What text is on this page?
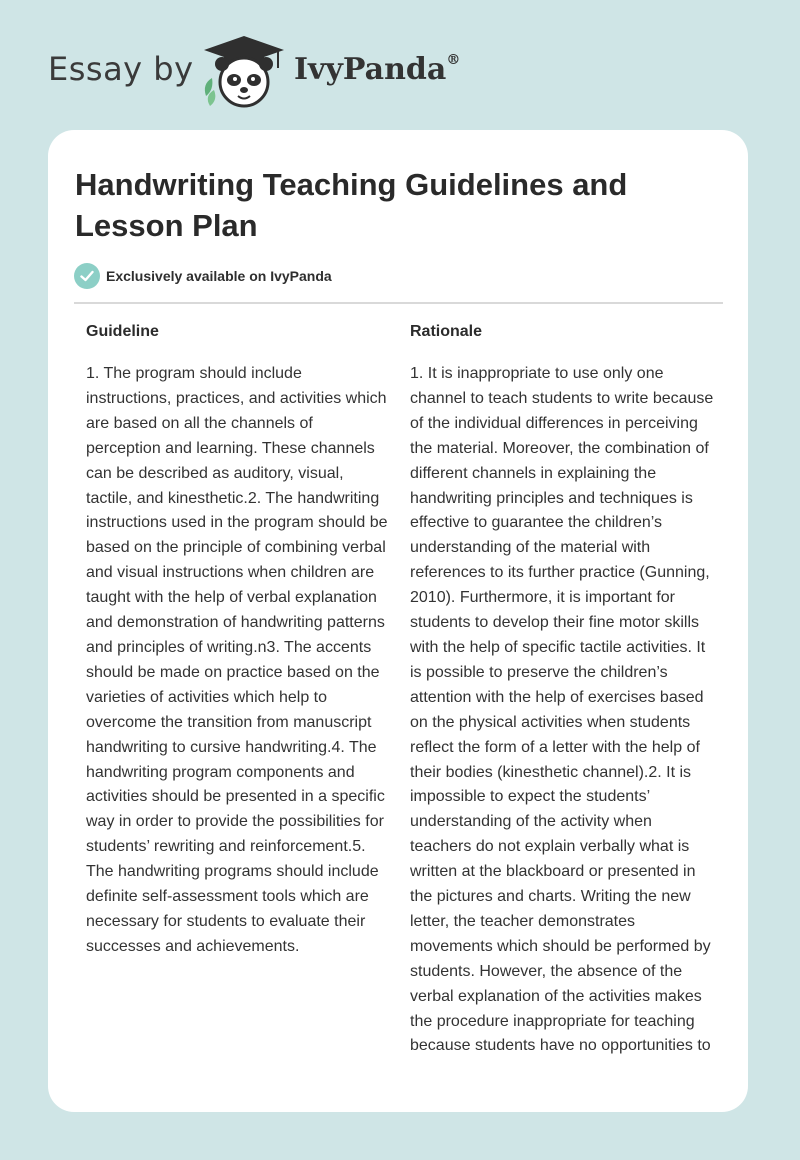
Essay by	IvyPanda®
Handwriting Teaching Guidelines and Lesson Plan
Exclusively available on IvyPanda
Guideline
1. The program should include instructions, practices, and activities which are based on all the channels of perception and learning. These channels can be described as auditory, visual, tactile, and kinesthetic.2. The handwriting instructions used in the program should be based on the principle of combining verbal and visual instructions when children are taught with the help of verbal explanation and demonstration of handwriting patterns and principles of writing.n3. The accents should be made on practice based on the varieties of activities which help to overcome the transition from manuscript handwriting to cursive handwriting.4. The handwriting program components and activities should be presented in a specific way in order to provide the possibilities for students’ rewriting and reinforcement.5. The handwriting programs should include definite self-assessment tools which are necessary for students to evaluate their successes and achievements.
Rationale
1. It is inappropriate to use only one channel to teach students to write because of the individual differences in perceiving the material. Moreover, the combination of different channels in explaining the handwriting principles and techniques is effective to guarantee the children’s understanding of the material with references to its further practice (Gunning, 2010). Furthermore, it is important for students to develop their fine motor skills with the help of specific tactile activities. It is possible to preserve the children’s attention with the help of exercises based on the physical activities when students reflect the form of a letter with the help of their bodies (kinesthetic channel).2. It is impossible to expect the students’ understanding of the activity when teachers do not explain verbally what is written at the blackboard or presented in the pictures and charts. Writing the new letter, the teacher demonstrates movements which should be performed by students. However, the absence of the verbal explanation of the activities makes the procedure inappropriate for teaching because students have no opportunities to
